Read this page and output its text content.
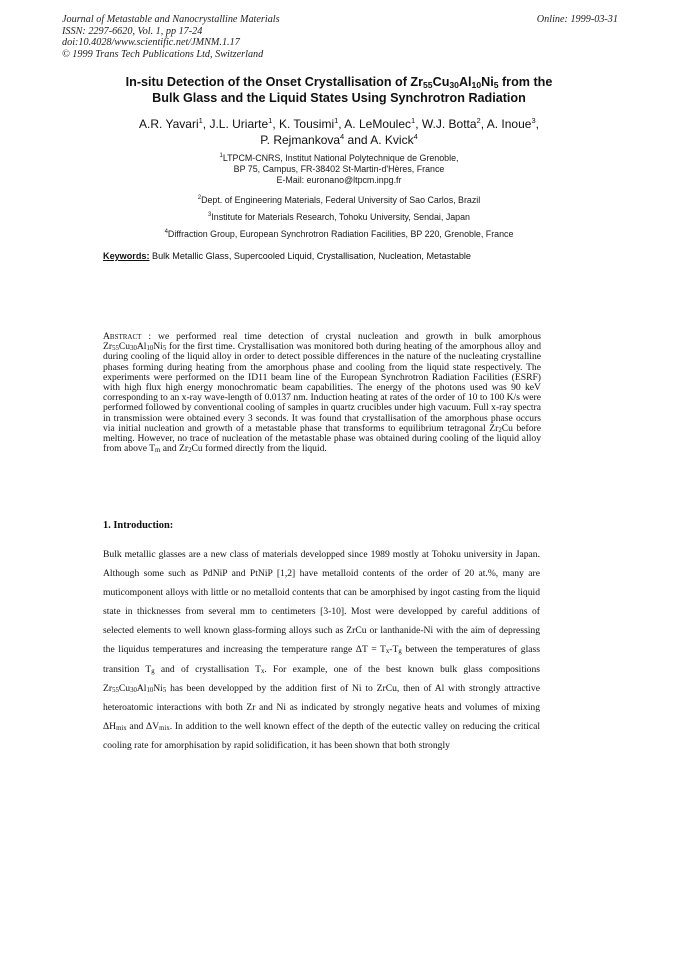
Journal of Metastable and Nanocrystalline Materials
ISSN: 2297-6620, Vol. 1, pp 17-24
doi:10.4028/www.scientific.net/JMNM.1.17
© 1999 Trans Tech Publications Ltd, Switzerland
Online: 1999-03-31
In-situ Detection of the Onset Crystallisation of $Zr_{55}Cu_{30}Al_{10}Ni_5$ from the
Bulk Glass and the Liquid States Using Synchrotron Radiation
A.R. Yavari$^1$, J.L. Uriarte$^1$, K. Tousimi$^1$, A. LeMoulec$^1$, W.J. Botta$^2$, A. Inoue$^3$,
P. Rejmankova$^4$ and A. Kvick$^4$
$^1$LTPCM-CNRS, Institut National Polytechnique de Grenoble,
BP 75, Campus, FR-38402 St-Martin-d'Hères, France
E-Mail: euronano@ltpcm.inpg.fr
$^2$Dept. of Engineering Materials, Federal University of Sao Carlos, Brazil
$^3$Institute for Materials Research, Tohoku University, Sendai, Japan
$^4$Diffraction Group, European Synchrotron Radiation Facilities, BP 220, Grenoble, France
Keywords: Bulk Metallic Glass, Supercooled Liquid, Crystallisation, Nucleation, Metastable
Abstract : we performed real time detection of crystal nucleation and growth in bulk amorphous $Zr_{55}Cu_{30}Al_{10}Ni_5$ for the first time. Crystallisation was monitored both during heating of the amorphous alloy and during cooling of the liquid alloy in order to detect possible differences in the nature of the nucleating crystalline phases forming during heating from the amorphous phase and cooling from the liquid state respectively. The experiments were performed on the ID11 beam line of the European Synchrotron Radiation Facilities (ESRF) with high flux high energy monochromatic beam capabilities. The energy of the photons used was 90 keV corresponding to an x-ray wave-length of 0.0137 nm. Induction heating at rates of the order of 10 to 100 K/s were performed followed by conventional cooling of samples in quartz crucibles under high vacuum. Full x-ray spectra in transmission were obtained every 3 seconds. It was found that crystallisation of the amorphous phase occurs via initial nucleation and growth of a metastable phase that transforms to equilibrium tetragonal $Zr_2Cu$ before melting. However, no trace of nucleation of the metastable phase was obtained during cooling of the liquid alloy from above $T_m$ and $Zr_2Cu$ formed directly from the liquid.
1. Introduction:
Bulk metallic glasses are a new class of materials developped since 1989 mostly at Tohoku university in Japan. Although some such as PdNiP and PtNiP [1,2] have metalloid contents of the order of 20 at.%, many are muticomponent alloys with little or no metalloid contents that can be amorphised by ingot casting from the liquid state in thicknesses from several mm to centimeters [3-10]. Most were developped by careful additions of selected elements to well known glass-forming alloys such as ZrCu or lanthanide-Ni with the aim of depressing the liquidus temperatures and increasing the temperature range $\Delta T = T_x-T_g$ between the temperatures of glass transition $T_g$ and of crystallisation $T_x$. For example, one of the best known bulk glass compositions $Zr_{55}Cu_{30}Al_{10}Ni_5$ has been developped by the addition first of Ni to ZrCu, then of Al with strongly attractive heteroatomic interactions with both Zr and Ni as indicated by strongly negative heats and volumes of mixing $\Delta H_{mix}$ and $\Delta V_{mix}$. In addition to the well known effect of the depth of the eutectic valley on reducing the critical cooling rate for amorphisation by rapid solidification, it has been shown that both strongly
